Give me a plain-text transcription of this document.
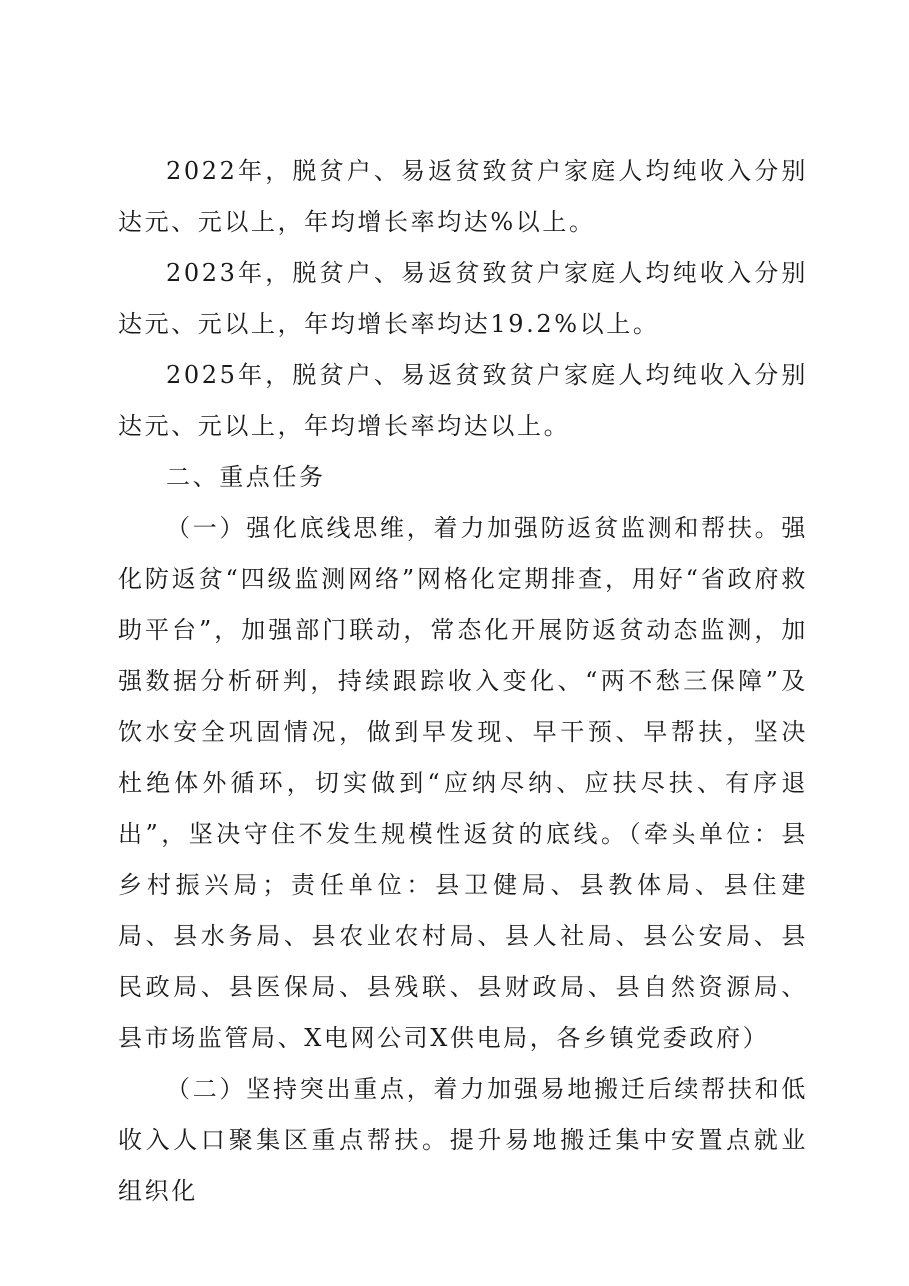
2022年，脱贫户、易返贫致贫户家庭人均纯收入分别达元、元以上，年均增长率均达%以上。

2023年，脱贫户、易返贫致贫户家庭人均纯收入分别达元、元以上，年均增长率均达19.2%以上。

2025年，脱贫户、易返贫致贫户家庭人均纯收入分别达元、元以上，年均增长率均达以上。

二、重点任务

（一）强化底线思维，着力加强防返贫监测和帮扶。强化防返贫“四级监测网络”网格化定期排查，用好“省政府救助平台”，加强部门联动，常态化开展防返贫动态监测，加强数据分析研判，持续跟踪收入变化、“两不愁三保障”及饮水安全巩固情况，做到早发现、早干预、早帮扶，坚决杜绝体外循环，切实做到“应纳尽纳、应扶尽扶、有序退出”，坚决守住不发生规模性返贫的底线。（牵头单位：县乡村振兴局；责任单位：县卫健局、县教体局、县住建局、县水务局、县农业农村局、县人社局、县公安局、县民政局、县医保局、县残联、县财政局、县自然资源局、县市场监管局、X电网公司X供电局，各乡镇党委政府）

（二）坚持突出重点，着力加强易地搬迁后续帮扶和低收入人口聚集区重点帮扶。提升易地搬迁集中安置点就业组织化
